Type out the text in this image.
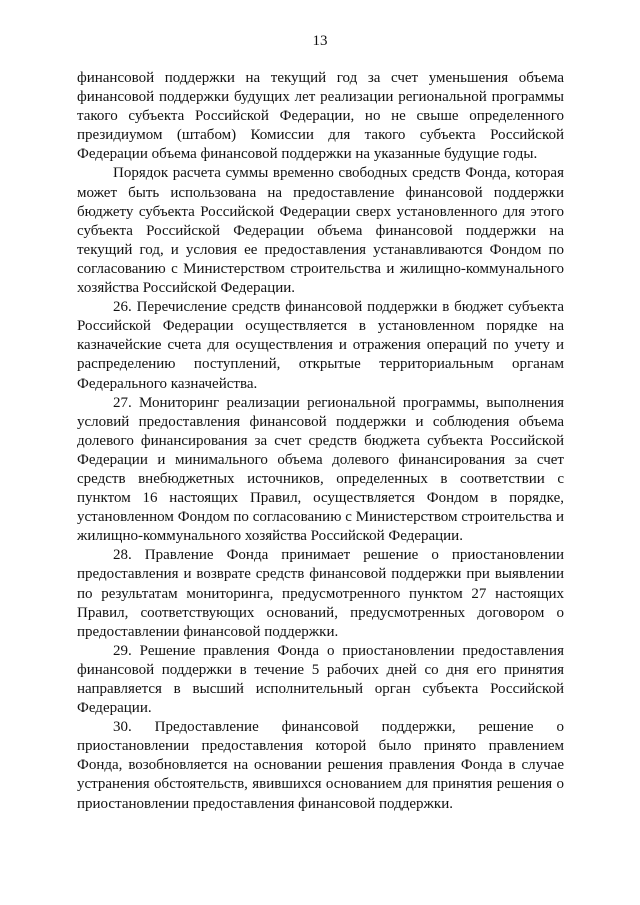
13

финансовой поддержки на текущий год за счет уменьшения объема финансовой поддержки будущих лет реализации региональной программы такого субъекта Российской Федерации, но не свыше определенного президиумом (штабом) Комиссии для такого субъекта Российской Федерации объема финансовой поддержки на указанные будущие годы.

Порядок расчета суммы временно свободных средств Фонда, которая может быть использована на предоставление финансовой поддержки бюджету субъекта Российской Федерации сверх установленного для этого субъекта Российской Федерации объема финансовой поддержки на текущий год, и условия ее предоставления устанавливаются Фондом по согласованию с Министерством строительства и жилищно-коммунального хозяйства Российской Федерации.

26. Перечисление средств финансовой поддержки в бюджет субъекта Российской Федерации осуществляется в установленном порядке на казначейские счета для осуществления и отражения операций по учету и распределению поступлений, открытые территориальным органам Федерального казначейства.

27. Мониторинг реализации региональной программы, выполнения условий предоставления финансовой поддержки и соблюдения объема долевого финансирования за счет средств бюджета субъекта Российской Федерации и минимального объема долевого финансирования за счет средств внебюджетных источников, определенных в соответствии с пунктом 16 настоящих Правил, осуществляется Фондом в порядке, установленном Фондом по согласованию с Министерством строительства и жилищно-коммунального хозяйства Российской Федерации.

28. Правление Фонда принимает решение о приостановлении предоставления и возврате средств финансовой поддержки при выявлении по результатам мониторинга, предусмотренного пунктом 27 настоящих Правил, соответствующих оснований, предусмотренных договором о предоставлении финансовой поддержки.

29. Решение правления Фонда о приостановлении предоставления финансовой поддержки в течение 5 рабочих дней со дня его принятия направляется в высший исполнительный орган субъекта Российской Федерации.

30. Предоставление финансовой поддержки, решение о приостановлении предоставления которой было принято правлением Фонда, возобновляется на основании решения правления Фонда в случае устранения обстоятельств, явившихся основанием для принятия решения о приостановлении предоставления финансовой поддержки.
